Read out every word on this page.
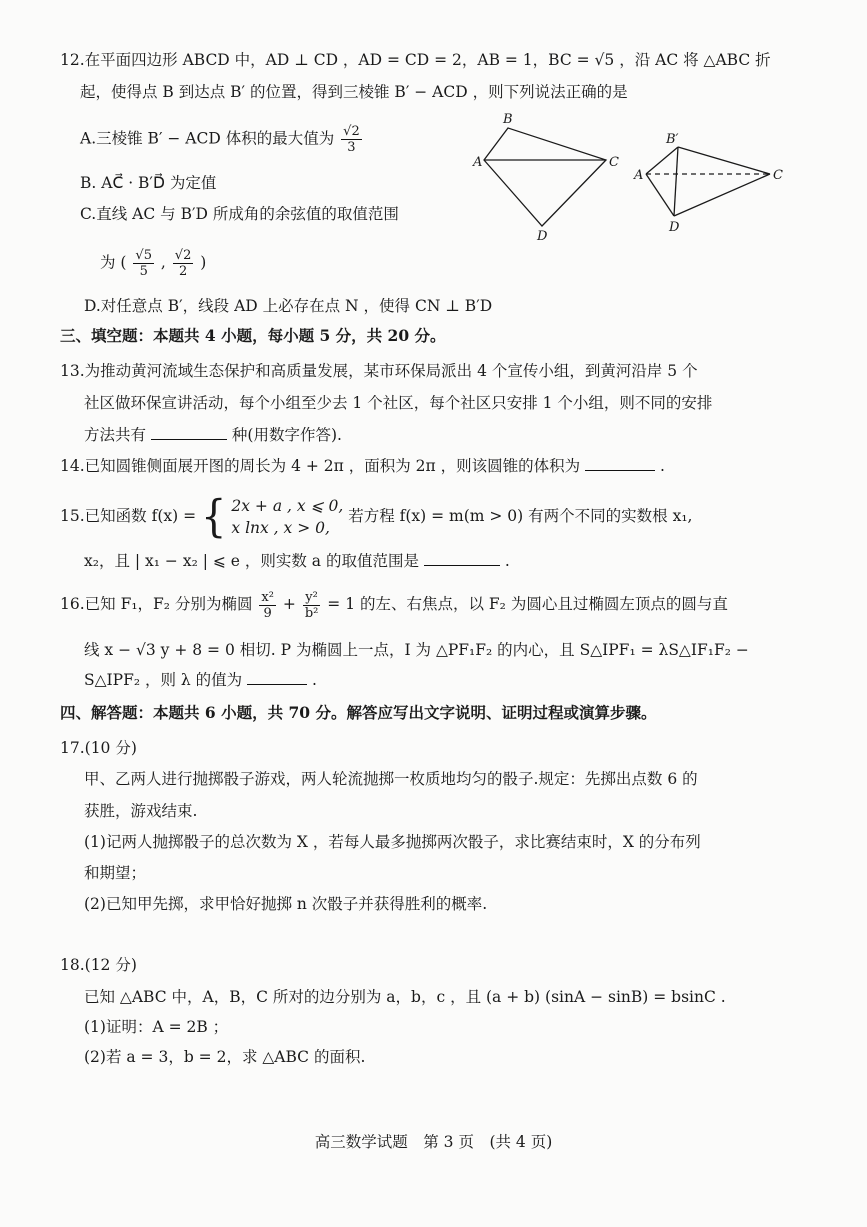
12.在平面四边形 ABCD 中，AD ⊥ CD ，AD = CD = 2，AB = 1，BC = √5 ，沿 AC 将 △ABC 折
起，使得点 B 到达点 B′ 的位置，得到三棱锥 B′ − ACD ，则下列说法正确的是
A.三棱锥 B′ − ACD 体积的最大值为 $\frac{√2}{3}$
B. AC⃗ · B′D⃗ 为定值
C.直线 AC 与 B′D 所成角的余弦值的取值范围
为 ( $\frac{√5}{5}$ , $\frac{√2}{2}$ )
D.对任意点 B′，线段 AD 上必存在点 N ，使得 CN ⊥ B′D
A
B
C
D
A
B′
C
D
三、填空题：本题共 4 小题，每小题 5 分，共 20 分。
13.为推动黄河流域生态保护和高质量发展，某市环保局派出 4 个宣传小组，到黄河沿岸 5 个
社区做环保宣讲活动，每个小组至少去 1 个社区，每个社区只安排 1 个小组，则不同的安排
方法共有	种(用数字作答).
14.已知圆锥侧面展开图的周长为 4 + 2π ，面积为 2π ，则该圆锥的体积为	.
15.已知函数 f(x) = { 2x + a , x ⩽ 0,
x lnx , x > 0,
若方程 f(x) = m(m > 0) 有两个不同的实数根 x₁,
x₂，且 | x₁ − x₂ | ⩽ e ，则实数 a 的取值范围是	.
16.已知 F₁，F₂ 分别为椭圆 $\frac{\text{x²}}{9} + \frac{\text{y²}}{\text{b²}} = 1$ 的左、右焦点，以 F₂ 为圆心且过椭圆左顶点的圆与直
线 x − √3 y + 8 = 0 相切. P 为椭圆上一点，I 为 △PF₁F₂ 的内心，且 S△IPF₁ = λS△IF₁F₂ −
S△IPF₂ ，则 λ 的值为	.
四、解答题：本题共 6 小题，共 70 分。解答应写出文字说明、证明过程或演算步骤。
17.(10 分)
甲、乙两人进行抛掷骰子游戏，两人轮流抛掷一枚质地均匀的骰子.规定：先掷出点数 6 的
获胜，游戏结束.
(1)记两人抛掷骰子的总次数为 X ，若每人最多抛掷两次骰子，求比赛结束时，X 的分布列
和期望；
(2)已知甲先掷，求甲恰好抛掷 n 次骰子并获得胜利的概率.
18.(12 分)
已知 △ABC 中，A，B，C 所对的边分别为 a，b，c ，且 (a + b) (sinA − sinB) = bsinC .
(1)证明：A = 2B ；
(2)若 a = 3，b = 2，求 △ABC 的面积.
高三数学试题　第 3 页　(共 4 页)
